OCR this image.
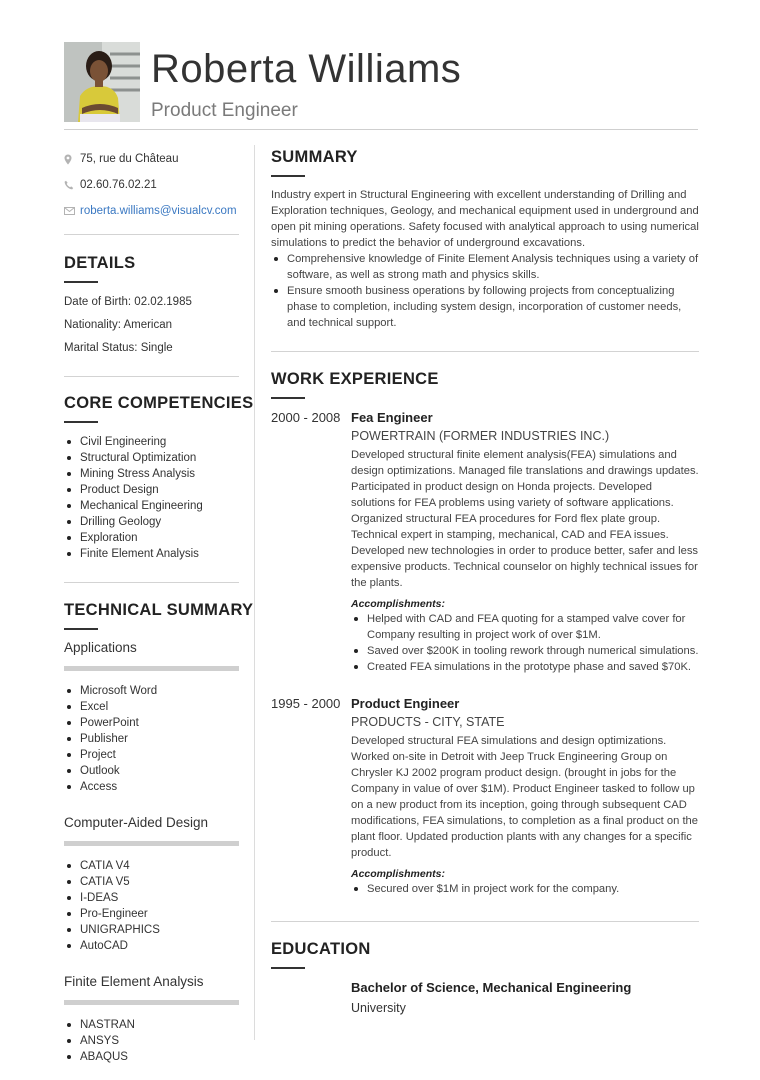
Roberta Williams
Product Engineer
75, rue du Château
02.60.76.02.21
roberta.williams@visualcv.com
DETAILS
Date of Birth: 02.02.1985
Nationality: American
Marital Status: Single
CORE COMPETENCIES
Civil Engineering
Structural Optimization
Mining Stress Analysis
Product Design
Mechanical Engineering
Drilling Geology
Exploration
Finite Element Analysis
TECHNICAL SUMMARY
Applications
Microsoft Word
Excel
PowerPoint
Publisher
Project
Outlook
Access
Computer-Aided Design
CATIA V4
CATIA V5
I-DEAS
Pro-Engineer
UNIGRAPHICS
AutoCAD
Finite Element Analysis
NASTRAN
ANSYS
ABAQUS
SUMMARY
Industry expert in Structural Engineering with excellent understanding of Drilling and Exploration techniques, Geology, and mechanical equipment used in underground and open pit mining operations. Safety focused with analytical approach to using numerical simulations to predict the behavior of underground excavations.
Comprehensive knowledge of Finite Element Analysis techniques using a variety of software, as well as strong math and physics skills.
Ensure smooth business operations by following projects from conceptualizing phase to completion, including system design, incorporation of customer needs, and technical support.
WORK EXPERIENCE
2000 - 2008 Fea Engineer
POWERTRAIN (FORMER INDUSTRIES INC.)
Developed structural finite element analysis(FEA) simulations and design optimizations. Managed file translations and drawings updates. Participated in product design on Honda projects. Developed solutions for FEA problems using variety of software applications. Organized structural FEA procedures for Ford flex plate group. Technical expert in stamping, mechanical, CAD and FEA issues. Developed new technologies in order to produce better, safer and less expensive products. Technical counselor on highly technical issues for the plants.
Accomplishments:
Helped with CAD and FEA quoting for a stamped valve cover for Company resulting in project work of over $1M.
Saved over $200K in tooling rework through numerical simulations.
Created FEA simulations in the prototype phase and saved $70K.
1995 - 2000 Product Engineer
PRODUCTS - CITY, STATE
Developed structural FEA simulations and design optimizations. Worked on-site in Detroit with Jeep Truck Engineering Group on Chrysler KJ 2002 program product design. (brought in jobs for the Company in value of over $1M). Product Engineer tasked to follow up on a new product from its inception, going through subsequent CAD modifications, FEA simulations, to completion as a final product on the plant floor. Updated production plants with any changes for a specific product.
Accomplishments:
Secured over $1M in project work for the company.
EDUCATION
Bachelor of Science, Mechanical Engineering
University
